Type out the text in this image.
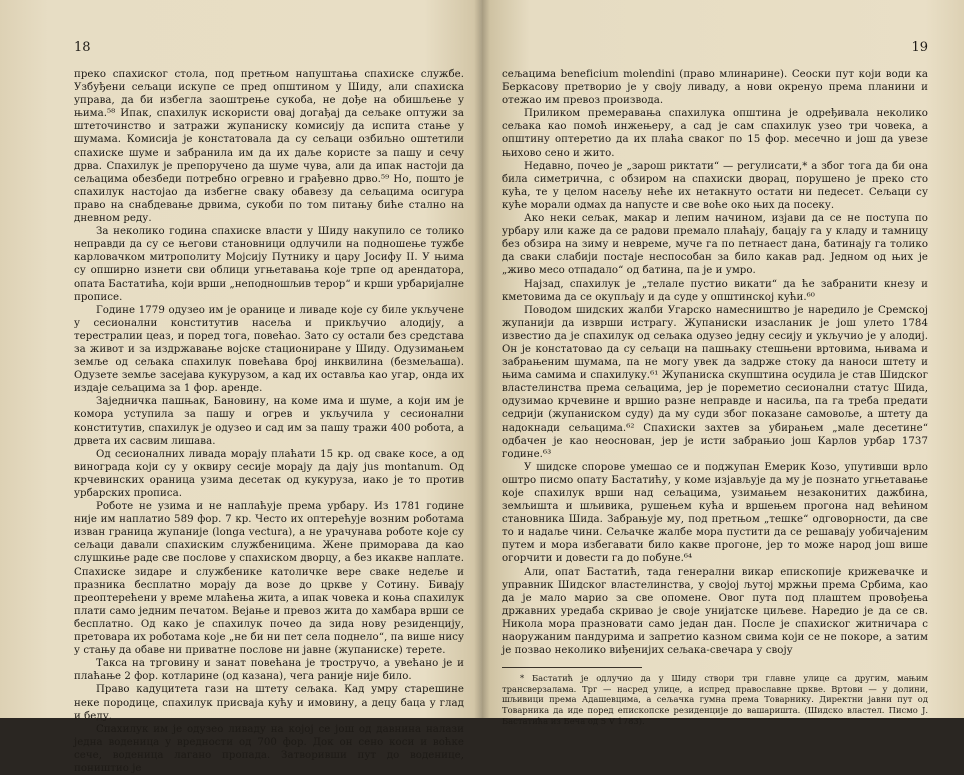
18

преко спахиског стола, под претњом напуштања спахиске службе. Узбуђени сељаци искупе се пред општином у Шиду, али спахиска управа, да би избегла заоштрење сукоба, не дође на обишљење у њима.⁵⁸ Ипак, спахилук искористи овај догађај да сељаке оптужи за штеточинство и затражи жупаниску комисију да испита стање у шумама. Комисија је констатовала да су сељаци озбиљно оштетили спахиске шуме и забранила им да их даље користе за пашу и сечу дрва. Спахилук је препоручено да шуме чува, али да ипак настоји да сељацима обезбеди потребно огревно и грађевно дрво.⁵⁹ Но, пошто је спахилук настојао да избегне сваку обавезу да сељацима осигура право на снабдевање дрвима, сукоби по том питању биће стално на дневном реду.

За неколико година спахиске власти у Шиду накупило се толико неправди да су се његови становници одлучили на подношење тужбе карловачком митрополиту Мојсију Путнику и цару Јосифу II. У њима су опширно изнети сви облици угњетавања које трпе од арендатора, опата Бастатића, који врши „неподношљив терор“ и крши урбаријалне прописе.

Године 1779 одузео им је оранице и ливаде које су биле укључене у сесионални конститутив насеља и прикључио алодију, а терестралии цеаз, и поред тога, повећао. Зато су остали без средстава за живот и за издржавање војске стациониране у Шиду. Одузимањем земље од сељака спахилук повећава број инквилина (безмељаша). Одузете земље засејава кукурузом, а кад их оставља као угар, онда их издаје сељацима за 1 фор. аренде.

Заједничка пашњак, Бановину, на коме има и шуме, а који им је комора уступила за пашу и огрев и укључила у сесионални конститутив, спахилук је одузео и сад им за пашу тражи 400 робота, а дрвета их сасвим лишава.

Од сесионалних ливада морају плаћати 15 кр. од сваке косе, а од винограда који су у оквиру сесије морају да дају jus montanum. Од крчевинских ораница узима десетак од кукуруза, иако је то против урбарских прописа.

Роботе не узима и не наплаћује према урбару. Из 1781 године није им наплатио 589 фор. 7 кр. Често их оптерећује возним роботама изван граница жупаније (longa vectura), а не урачунава роботе које су сељаци давали спахиским службеницима. Жене приморава да као слушкиње раде све послове у спахиском дворцу, а без икакве наплате. Спахиске зидаре и службенике католичке вере сваке недеље и празника бесплатно морају да возе до цркве у Сотину. Бивају преоптерећени у време млаћења жита, а ипак човека и коња спахилук плати само једним печатом. Вејање и превоз жита до хамбара врши се бесплатно. Од како је спахилук почео да зида нову резиденцију, претовара их роботама које „не би ни пет села поднело“, па више нису у стању да обаве ни приватне послове ни јавне (жупаниске) терете.

Такса на трговину и занат повећана је тростручо, а увећано је и плаћање 2 фор. котларине (од казана), чега раније није било.

Право кадуцитета гази на штету сељака. Кад умру старешине неке породице, спахилук присваја кућу и имовину, а децу баца у глад и беду.

Спахилук им је одузео ливаду на којој се још од давнина налази једна воденица у вредности од 700 фор. Док он сено коси и воћке сече, воденица лагано пропада. Затворивши пут до воденице, поништио је

19

сељацима beneficium molendini (право млинарине). Сеоски пут који води ка Беркасову претворио је у своју ливаду, а нови окренуо према планини и отежао им превоз производа.

Приликом премеравања спахилука општина је одређивала неколико сељака као помоћ инжењеру, а сад је сам спахилук узео три човека, а општину оптеретио да их плаћа сваког по 15 фор. месечно и још да увезе њихово сено и жито.

Недавно, почео је „зарош риктати“ — регулисати,* а због тога да би она била симетрична, с обзиром на спахиски дворац, порушено је преко сто кућа, те у целом насељу неће их нетакнуто остати ни педесет. Сељаци су куће морали одмах да напусте и све воће око њих да посеку.

Ако неки сељак, макар и лепим начином, изјави да се не поступа по урбару или каже да се радови премало плаћају, бацају га у кладу и тамницу без обзира на зиму и невреме, муче га по петнаест дана, батинају га толико да сваки слабији постаје неспособан за било какав рад. Једном од њих је „живо месо отпадало“ од батина, па је и умро.

Најзад, спахилук је „телале пустио викати“ да ће забранити кнезу и кметовима да се окупљају и да суде у општинској кући.⁶⁰

Поводом шидских жалби Угарско намесништво је наредило је Сремској жупанији да изврши истрагу. Жупаниски изасланик је још улето 1784 известио да је спахилук од сељака одузео једну сесију и укључио је у алодиј. Он је констатовао да су сељаци на пашњаку стешњени вртовима, њивама и забрањеним шумама, па не могу увек да задрже стоку да наноси штету и њима самима и спахилуку.⁶¹ Жупаниска скупштина осудила је став Шидског властелинства према сељацима, јер је пореметио сесионални статус Шида, одузимао крчевине и вршио разне неправде и насиља, па га треба предати седрији (жупаниском суду) да му суди због показане самовоље, а штету да надокнади сељацима.⁶² Спахиски захтев за убирањем „мале десетине“ одбачен је као неоснован, јер је исти забрањио још Карлов урбар 1737 године.⁶³

У шидске спорове умешао се и поджупан Емерик Козо, упутивши врло оштро писмо опату Бастатићу, у коме изјављује да му је познато угњетавање које спахилук врши над сељацима, узимањем незаконитих дажбина, земљишта и шљивика, рушењем кућа и вршењем прогона над већином становника Шида. Забрањује му, под претњом „тешке“ одговорности, да све то и надаље чини. Сељачке жалбе мора пустити да се решавају уобичајеним путем и мора избегавати било какве прогоне, јер то може народ још више огорчити и довести га до побуне.⁶⁴

Али, опат Бастатић, тада генерални викар епископије крижевачке и управник Шидског властелинства, у својој љутој мржњи према Србима, као да је мало марио за све опомене. Овог пута под плаштем провођења државних уредаба скривао је своје унијатске циљеве. Наредио је да се св. Никола мора празновати само један дан. После је спахиског житничара с наоружаним пандурима и запретио казном свима који се не покоре, а затим је позвао неколико виђенијих сељака-свечара у своју

* Бастатић је одлучио да у Шиду створи три главне улице са другим, мањим трансверзалама. Трг — насред улице, а испред православне цркве. Вртови — у долини, шљивици према Адашевцима, а сељачка гумна према Товарнику. Директни јавни пут од Товарника да иде поред епископске резиденције до вашаришта. (Шидско властел. Писмо Ј. Бастатића из Беча од 5 V 1783).
